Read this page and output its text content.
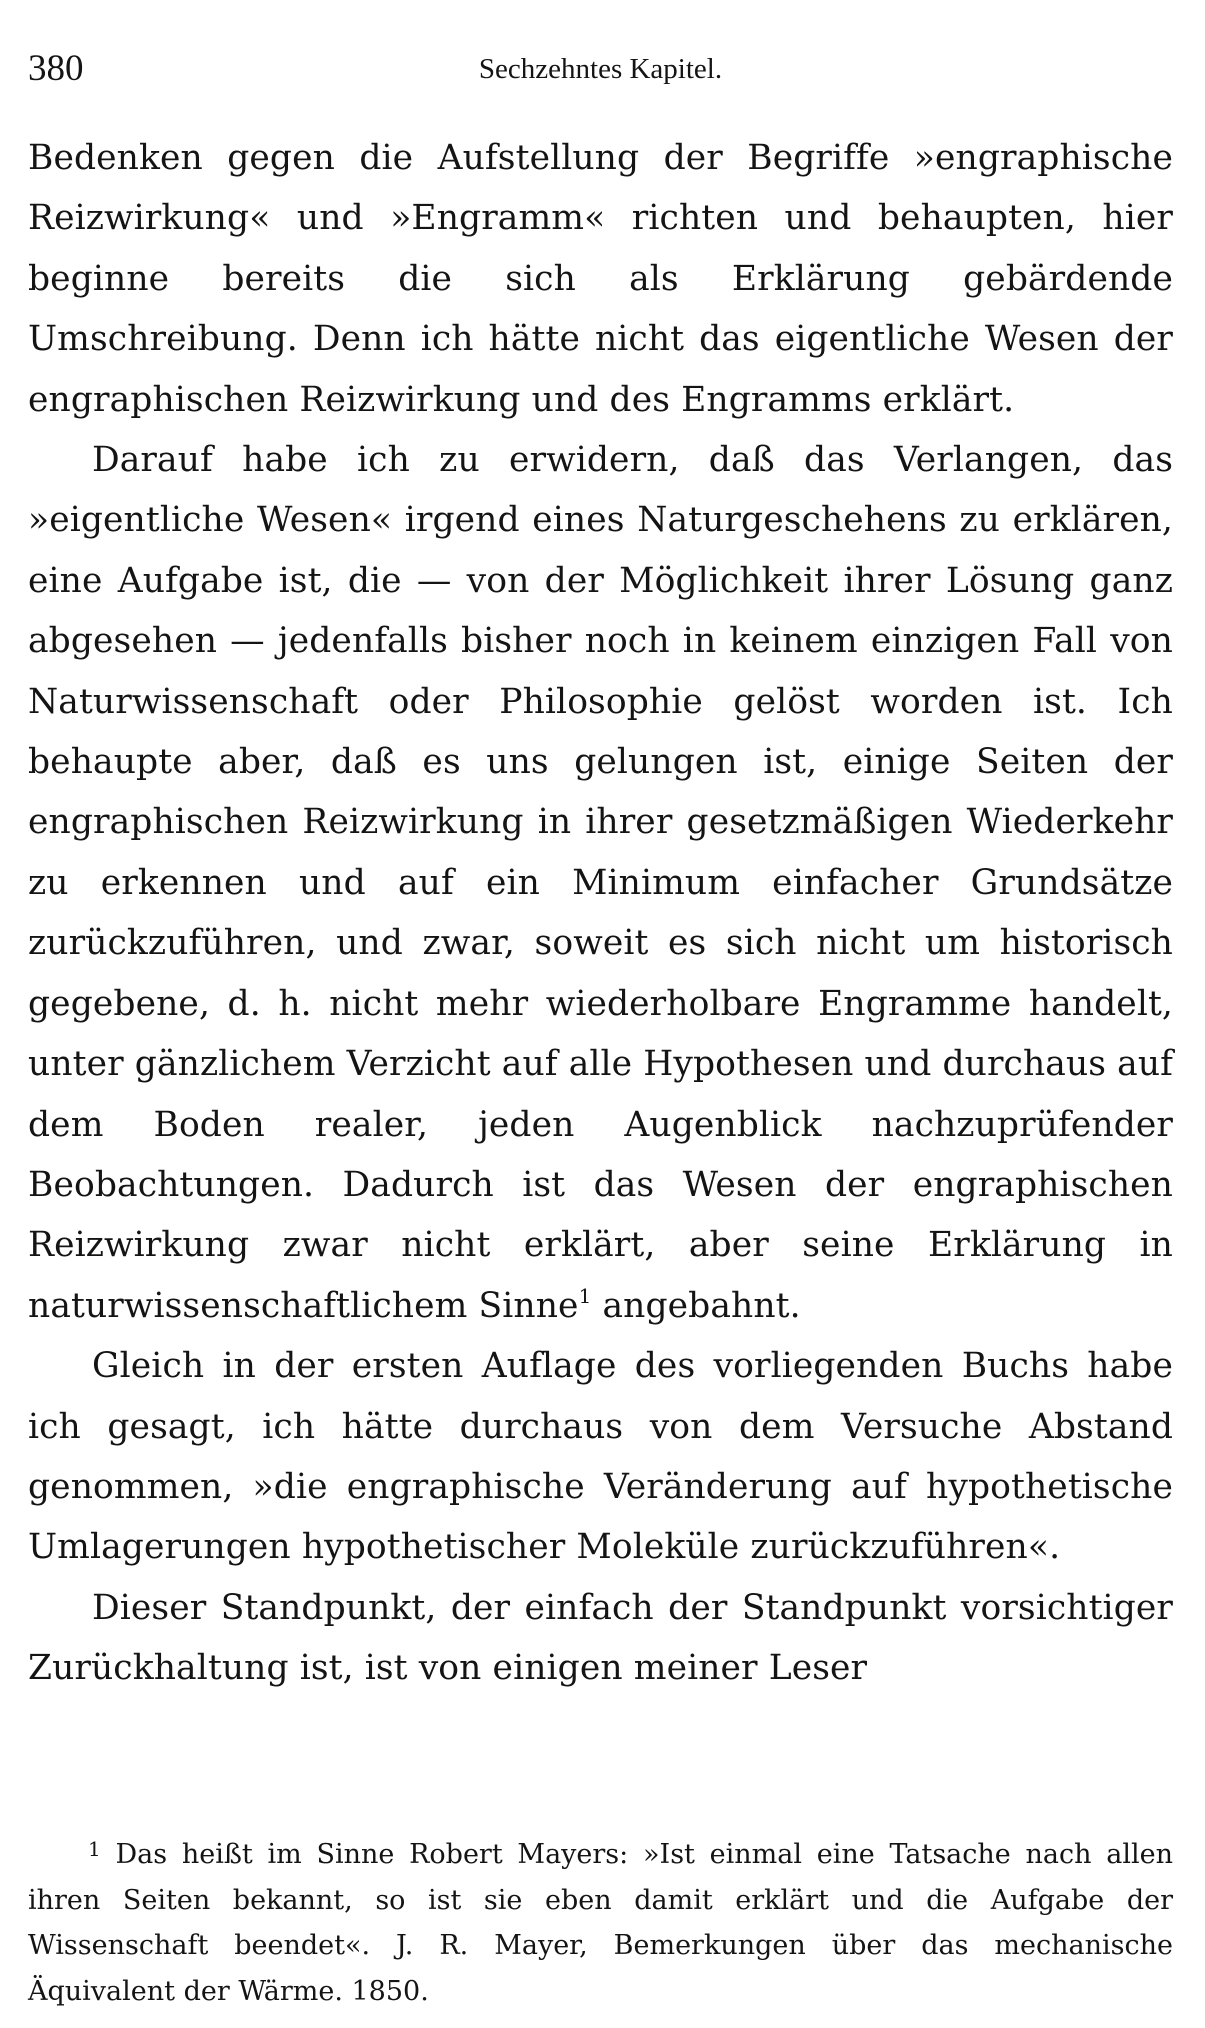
380	Sechzehntes Kapitel.

Bedenken gegen die Aufstellung der Begriffe »engraphische Reizwirkung« und »Engramm« richten und behaupten, hier beginne bereits die sich als Erklärung gebärdende Umschreibung. Denn ich hätte nicht das eigentliche Wesen der engraphischen Reizwirkung und des Engramms erklärt.

Darauf habe ich zu erwidern, daß das Verlangen, das »eigentliche Wesen« irgend eines Naturgeschehens zu erklären, eine Aufgabe ist, die — von der Möglichkeit ihrer Lösung ganz abgesehen — jedenfalls bisher noch in keinem einzigen Fall von Naturwissenschaft oder Philosophie gelöst worden ist. Ich behaupte aber, daß es uns gelungen ist, einige Seiten der engraphischen Reizwirkung in ihrer gesetzmäßigen Wiederkehr zu erkennen und auf ein Minimum einfacher Grundsätze zurückzuführen, und zwar, soweit es sich nicht um historisch gegebene, d. h. nicht mehr wiederholbare Engramme handelt, unter gänzlichem Verzicht auf alle Hypothesen und durchaus auf dem Boden realer, jeden Augenblick nachzuprüfender Beobachtungen. Dadurch ist das Wesen der engraphischen Reizwirkung zwar nicht erklärt, aber seine Erklärung in naturwissenschaftlichem Sinne$^1$ angebahnt.

Gleich in der ersten Auflage des vorliegenden Buchs habe ich gesagt, ich hätte durchaus von dem Versuche Abstand genommen, »die engraphische Veränderung auf hypothetische Umlagerungen hypothetischer Moleküle zurückzuführen«.

Dieser Standpunkt, der einfach der Standpunkt vorsichtiger Zurückhaltung ist, ist von einigen meiner Leser

$^1$ Das heißt im Sinne Robert Mayers: »Ist einmal eine Tatsache nach allen ihren Seiten bekannt, so ist sie eben damit erklärt und die Aufgabe der Wissenschaft beendet«. J. R. Mayer, Bemerkungen über das mechanische Äquivalent der Wärme. 1850.
